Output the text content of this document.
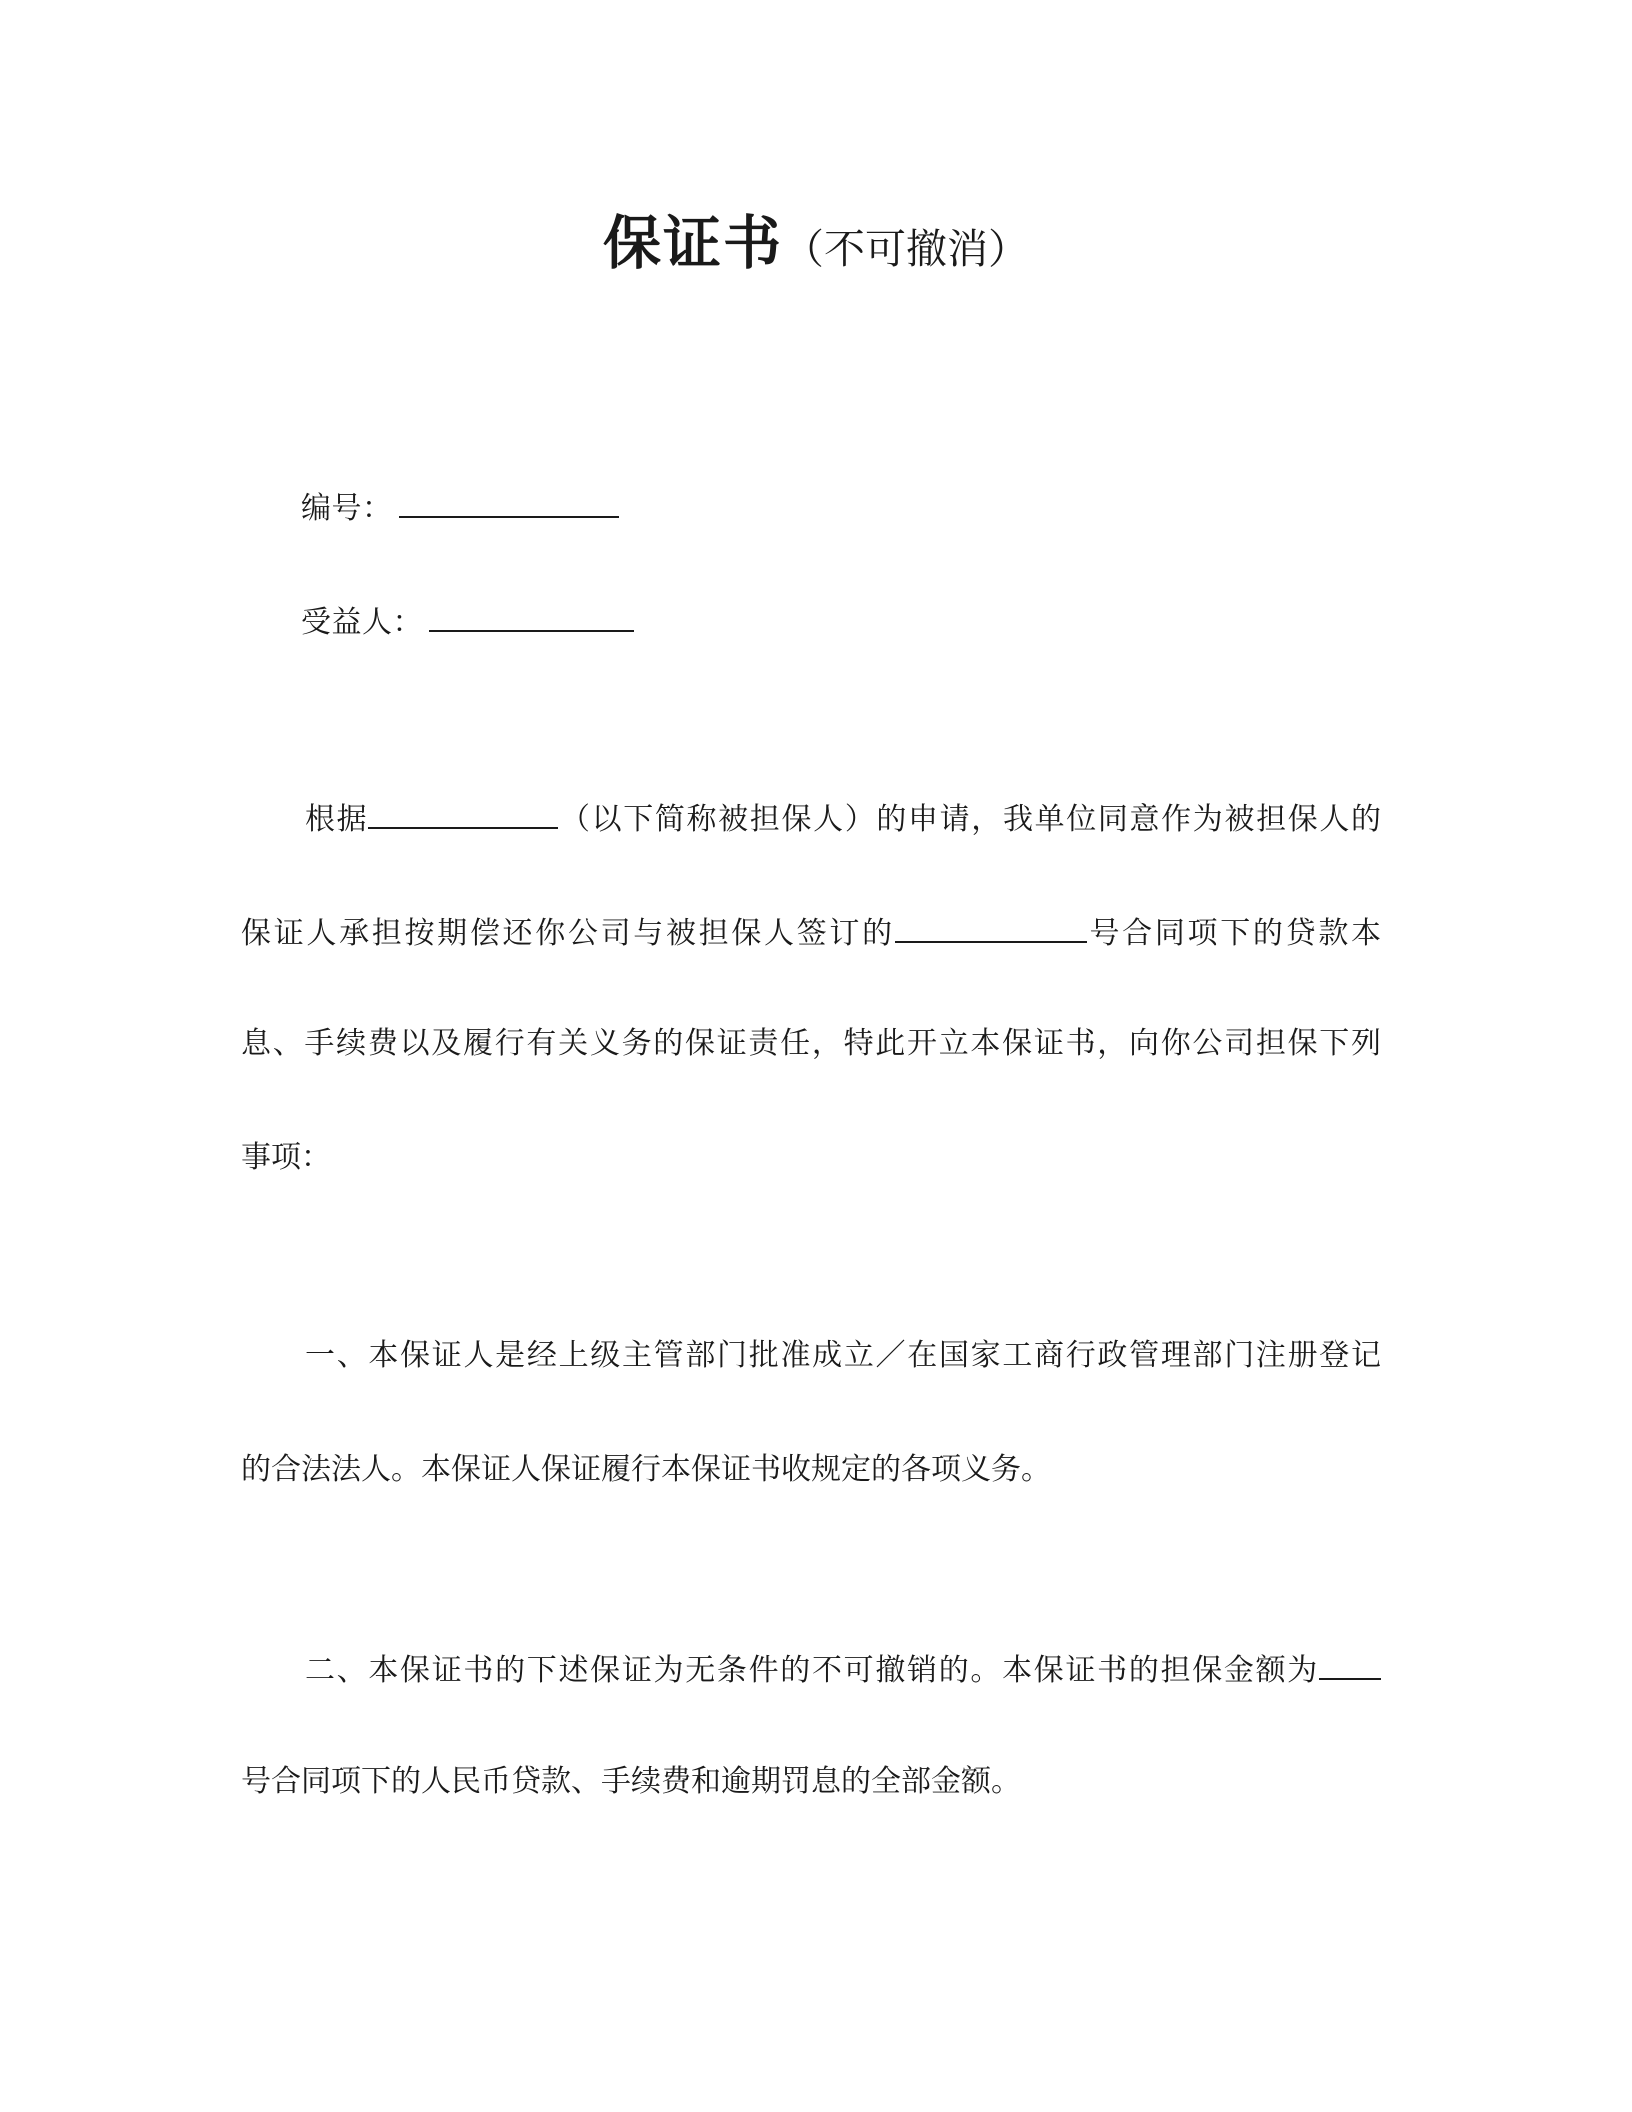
保证书（不可撤消）
编号：
受益人：
根据	（以下简称被担保人）的申请，我单位同意作为被担保人的
保证人承担按期偿还你公司与被担保人签订的	号合同项下的贷款本
息、手续费以及履行有关义务的保证责任，特此开立本保证书，向你公司担保下列
事项：
一、本保证人是经上级主管部门批准成立／在国家工商行政管理部门注册登记
的合法法人。本保证人保证履行本保证书收规定的各项义务。
二、本保证书的下述保证为无条件的不可撤销的。本保证书的担保金额为
号合同项下的人民币贷款、手续费和逾期罚息的全部金额。
